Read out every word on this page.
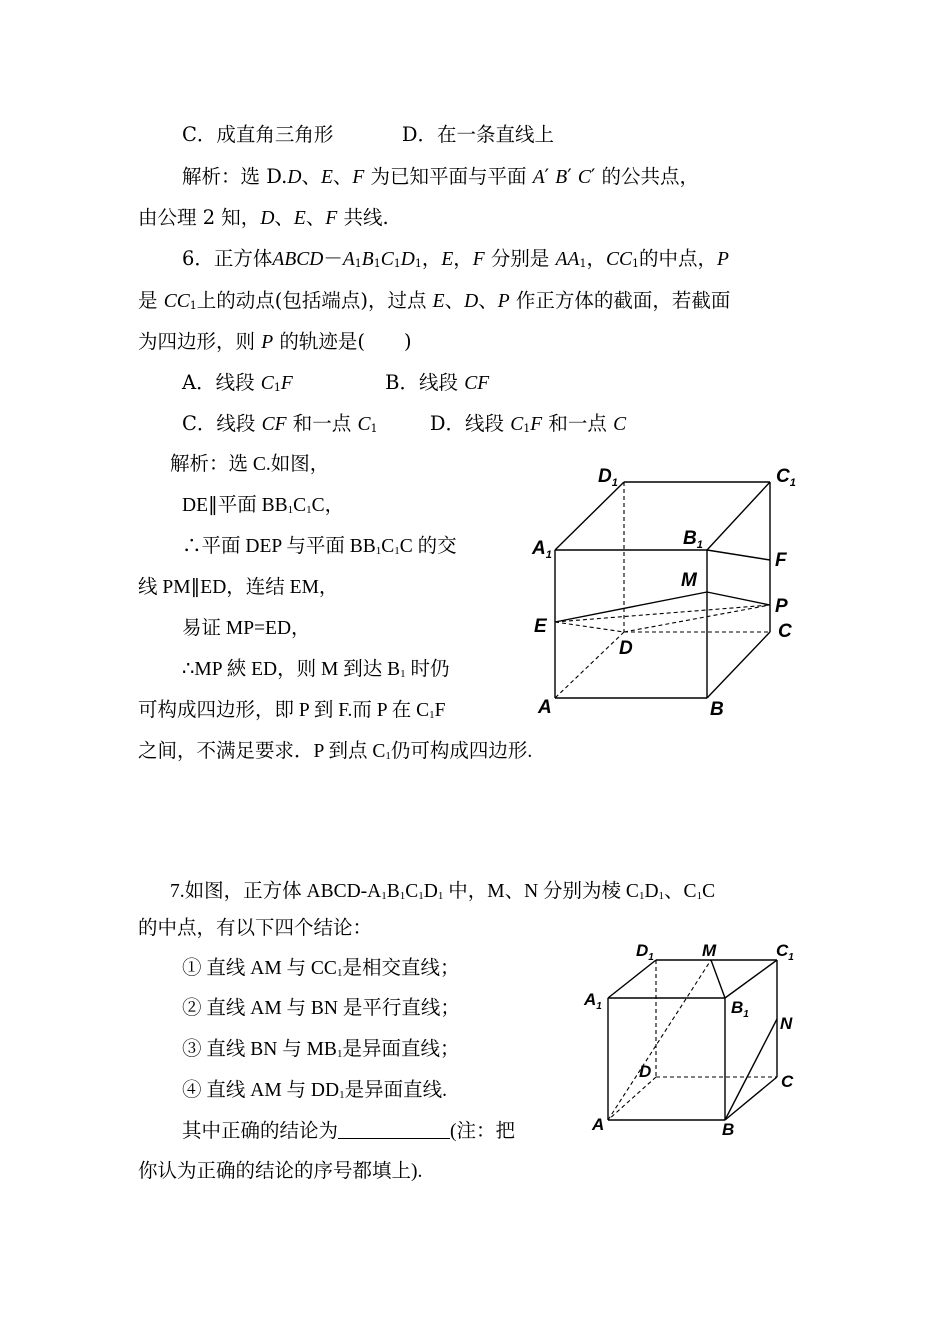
C．成直角三角形	D．在一条直线上
解析：选 D.D、E、F 为已知平面与平面 A′ B′ C′ 的公共点，
由公理 2 知，D、E、F 共线.
6．正方体$ABCD-A_1B_1C_1D_1$，E，F 分别是 $AA_1$，$CC_1$的中点，P
是 $CC_1$上的动点(包括端点)，过点 E、D、P 作正方体的截面，若截面
为四边形，则 P 的轨迹是(　　)
A．线段 $C_1F$	B．线段 CF
C．线段 CF 和一点 $C_1$	D．线段 $C_1F$ 和一点 C
解析：选 C.如图，
DE∥平面 $BB_1C_1C$，
∴平面 DEP 与平面 $BB_1C_1C$ 的交
线 PM∥ED，连结 EM，
易证 MP=ED，
∴MP 綊 ED，则 M 到达 $B_1$ 时仍
可构成四边形，即 P 到 F.而 P 在 $C_1F$
之间，不满足要求．P 到点 $C_1$仍可构成四边形.
$D_1$	$C_1$
$A_1$
$B_1$
F
M
P
E	C
D
A	B
7.如图，正方体 ABCD-$A_1B_1C_1D_1$ 中，M、N 分别为棱 $C_1D_1$、$C_1C$
的中点，有以下四个结论：
① 直线 AM 与 $CC_1$是相交直线；
② 直线 AM 与 BN 是平行直线；
③ 直线 BN 与 $MB_1$是异面直线；
④ 直线 AM 与 $DD_1$是异面直线.
其中正确的结论为	(注：把
你认为正确的结论的序号都填上).
$D_1$	M	$C_1$
$A_1$	$B_1$ N
D
C
A	B
